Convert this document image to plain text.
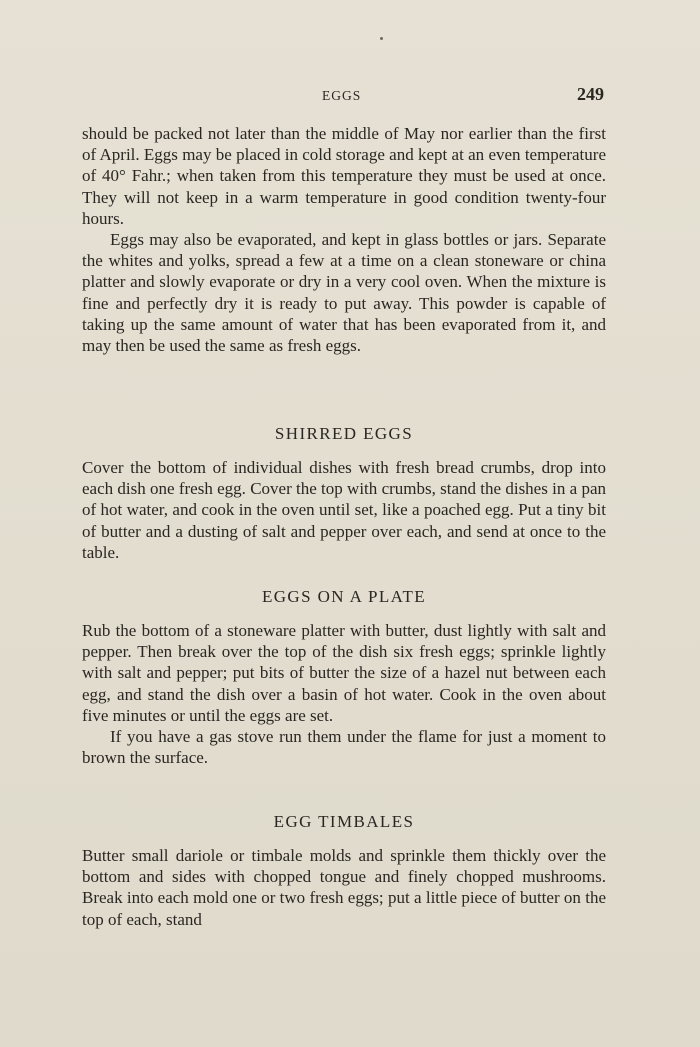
EGGS	249

should be packed not later than the middle of May nor earlier than the first of April. Eggs may be placed in cold storage and kept at an even temperature of 40° Fahr.; when taken from this temperature they must be used at once. They will not keep in a warm temperature in good condition twenty-four hours.

Eggs may also be evaporated, and kept in glass bottles or jars. Separate the whites and yolks, spread a few at a time on a clean stoneware or china platter and slowly evaporate or dry in a very cool oven. When the mixture is fine and perfectly dry it is ready to put away. This powder is capable of taking up the same amount of water that has been evaporated from it, and may then be used the same as fresh eggs.

SHIRRED EGGS

Cover the bottom of individual dishes with fresh bread crumbs, drop into each dish one fresh egg. Cover the top with crumbs, stand the dishes in a pan of hot water, and cook in the oven until set, like a poached egg. Put a tiny bit of butter and a dusting of salt and pepper over each, and send at once to the table.

EGGS ON A PLATE

Rub the bottom of a stoneware platter with butter, dust lightly with salt and pepper. Then break over the top of the dish six fresh eggs; sprinkle lightly with salt and pepper; put bits of butter the size of a hazel nut between each egg, and stand the dish over a basin of hot water. Cook in the oven about five minutes or until the eggs are set.

If you have a gas stove run them under the flame for just a moment to brown the surface.

EGG TIMBALES

Butter small dariole or timbale molds and sprinkle them thickly over the bottom and sides with chopped tongue and finely chopped mushrooms. Break into each mold one or two fresh eggs; put a little piece of butter on the top of each, stand
